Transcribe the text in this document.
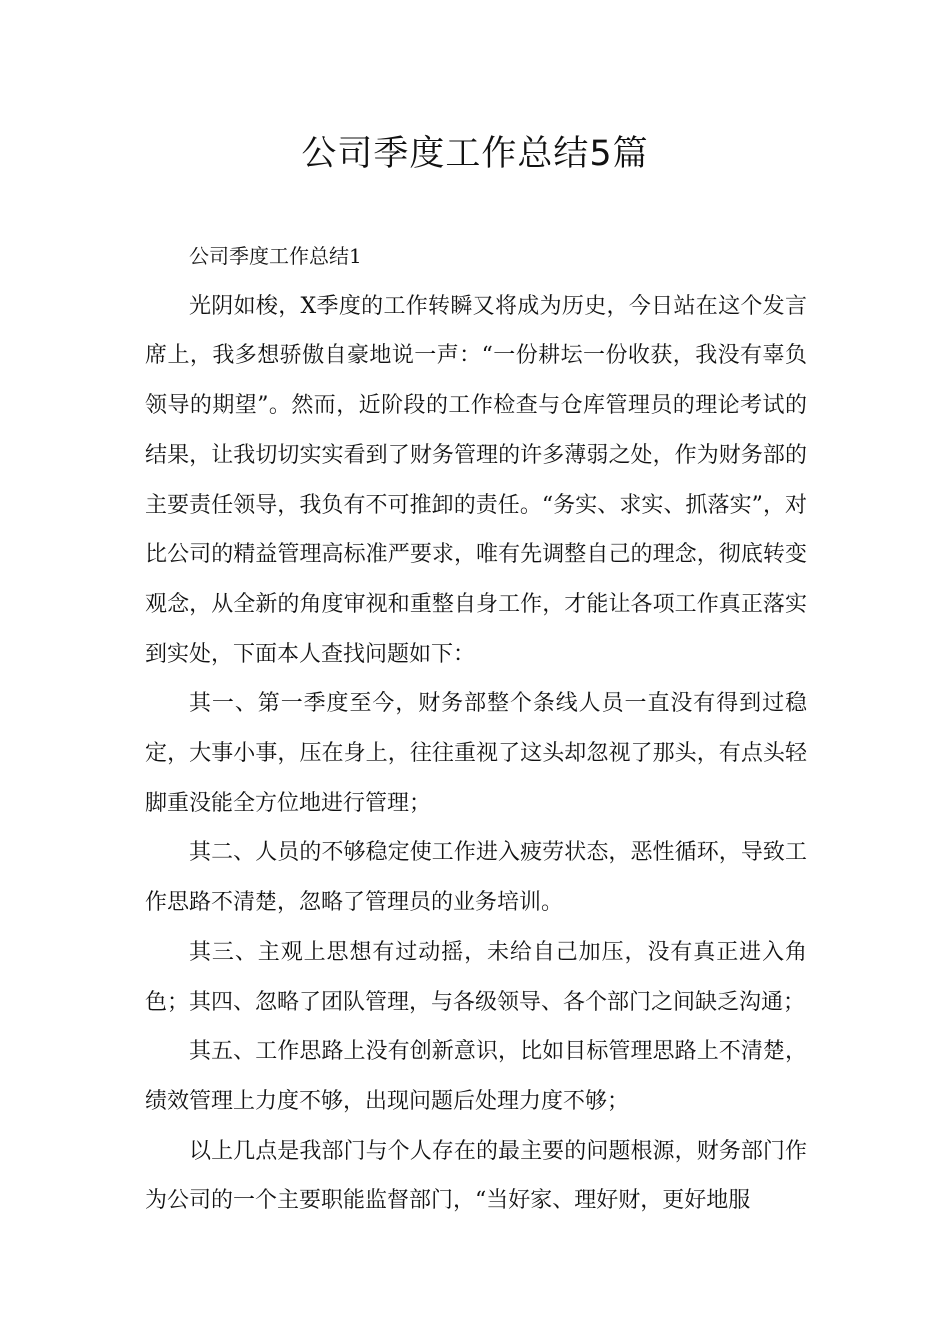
公司季度工作总结5篇

公司季度工作总结1

光阴如梭，X季度的工作转瞬又将成为历史，今日站在这个发言席上，我多想骄傲自豪地说一声：“一份耕坛一份收获，我没有辜负领导的期望”。然而，近阶段的工作检查与仓库管理员的理论考试的结果，让我切切实实看到了财务管理的许多薄弱之处，作为财务部的主要责任领导，我负有不可推卸的责任。“务实、求实、抓落实”，对比公司的精益管理高标准严要求，唯有先调整自己的理念，彻底转变观念，从全新的角度审视和重整自身工作，才能让各项工作真正落实到实处，下面本人查找问题如下：

其一、第一季度至今，财务部整个条线人员一直没有得到过稳定，大事小事，压在身上，往往重视了这头却忽视了那头，有点头轻脚重没能全方位地进行管理；

其二、人员的不够稳定使工作进入疲劳状态，恶性循环，导致工作思路不清楚，忽略了管理员的业务培训。

其三、主观上思想有过动摇，未给自己加压，没有真正进入角色；其四、忽略了团队管理，与各级领导、各个部门之间缺乏沟通；

其五、工作思路上没有创新意识，比如目标管理思路上不清楚，绩效管理上力度不够，出现问题后处理力度不够；

以上几点是我部门与个人存在的最主要的问题根源，财务部门作为公司的一个主要职能监督部门，“当好家、理好财，更好地服
